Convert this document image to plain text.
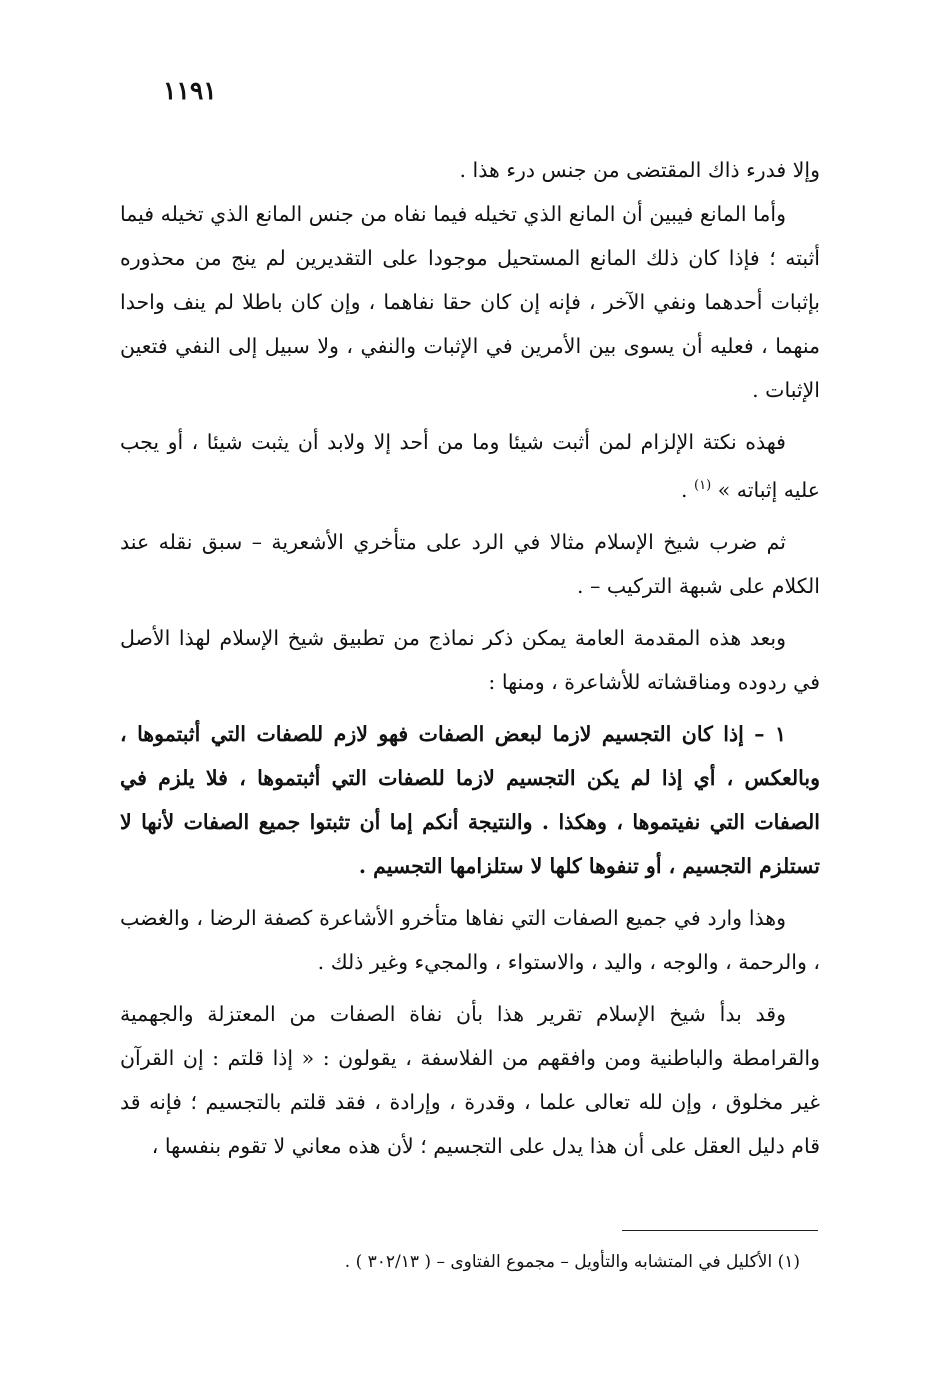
١١٩١

وإلا فدرء ذاك المقتضى من جنس درء هذا .

وأما المانع فيبين أن المانع الذي تخيله فيما نفاه من جنس المانع الذي تخيله فيما أثبته ؛ فإذا كان ذلك المانع المستحيل موجودا على التقديرين لم ينج من محذوره بإثبات أحدهما ونفي الآخر ، فإنه إن كان حقا نفاهما ، وإن كان باطلا لم ينف واحدا منهما ، فعليه أن يسوى بين الأمرين في الإثبات والنفي ، ولا سبيل إلى النفي فتعين الإثبات .

فهذه نكتة الإلزام لمن أثبت شيئا وما من أحد إلا ولابد أن يثبت شيئا ، أو يجب عليه إثباته » $^{(١)}$ .

ثم ضرب شيخ الإسلام مثالا في الرد على متأخري الأشعرية – سبق نقله عند الكلام على شبهة التركيب – .

وبعد هذه المقدمة العامة يمكن ذكر نماذج من تطبيق شيخ الإسلام لهذا الأصل في ردوده ومناقشاته للأشاعرة ، ومنها :

١ – إذا كان التجسيم لازما لبعض الصفات فهو لازم للصفات التي أثبتموها ، وبالعكس ، أي إذا لم يكن التجسيم لازما للصفات التي أثبتموها ، فلا يلزم في الصفات التي نفيتموها ، وهكذا . والنتيجة أنكم إما أن تثبتوا جميع الصفات لأنها لا تستلزم التجسيم ، أو تنفوها كلها لا ستلزامها التجسيم .

وهذا وارد في جميع الصفات التي نفاها متأخرو الأشاعرة كصفة الرضا ، والغضب ، والرحمة ، والوجه ، واليد ، والاستواء ، والمجيء وغير ذلك .

وقد بدأ شيخ الإسلام تقرير هذا بأن نفاة الصفات من المعتزلة والجهمية والقرامطة والباطنية ومن وافقهم من الفلاسفة ، يقولون : « إذا قلتم : إن القرآن غير مخلوق ، وإن لله تعالى علما ، وقدرة ، وإرادة ، فقد قلتم بالتجسيم ؛ فإنه قد قام دليل العقل على أن هذا يدل على التجسيم ؛ لأن هذه معاني لا تقوم بنفسها ،

(١) الأكليل في المتشابه والتأويل – مجموع الفتاوى – ( ٣٠٢/١٣ ) .
